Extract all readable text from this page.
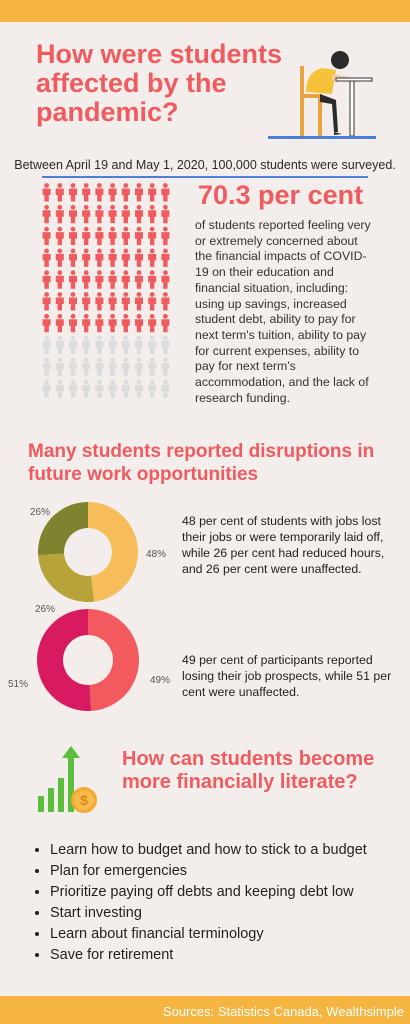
How were students affected by the pandemic?
Between April 19 and May 1, 2020, 100,000 students were surveyed.
70.3 per cent
of students reported feeling very or extremely concerned about the financial impacts of COVID-19 on their education and financial situation, including: using up savings, increased student debt, ability to pay for next term's tuition, ability to pay for current expenses, ability to pay for next term's accommodation, and the lack of research funding.
Many students reported disruptions in future work opportunities
48 per cent of students with jobs lost their jobs or were temporarily laid off, while 26 per cent had reduced hours, and 26 per cent were unaffected.
49 per cent of participants reported losing their job prospects, while 51 per cent were unaffected.
26%
48%
26%
51%	49%
$
How can students become more financially literate?
• Learn how to budget and how to stick to a budget
• Plan for emergencies
• Prioritize paying off debts and keeping debt low
• Start investing
• Learn about financial terminology
• Save for retirement
Sources: Statistics Canada, Wealthsimple
